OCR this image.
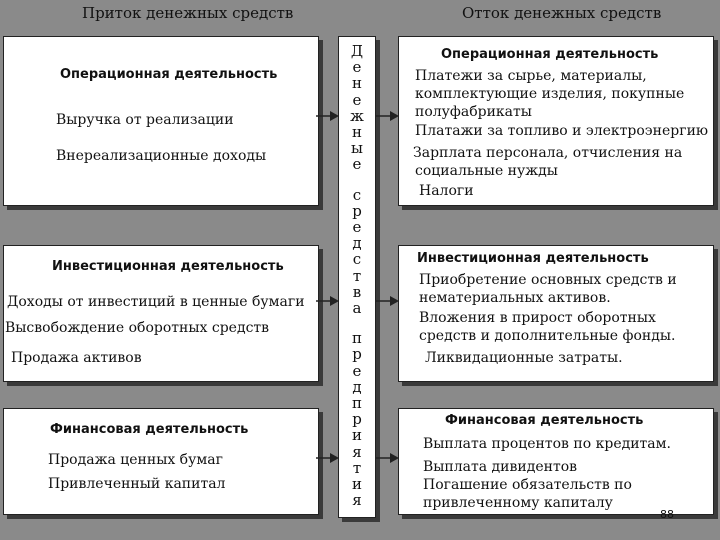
Приток денежных средств	Отток денежных средств
Операционная деятельность
Выручка от реализации
Внереализационные доходы
Инвестиционная деятельность
Доходы от инвестиций в ценные бумаги
Высвобождение оборотных средств
Продажа активов
Финансовая деятельность
Продажа ценных бумаг
Привлеченный капитал
Д
е
н
е
ж
н
ы
е
с
р
е
д
с
т
в
а
п
р
е
д
п
р
и
я
т
и
я
Операционная деятельность
Платежи за сырье, материалы,
комплектующие изделия, покупные
полуфабрикаты
Платажи за топливо и электроэнергию
Зарплата персонала, отчисления на
социальные нужды
Налоги
Инвестиционная деятельность
Приобретение основных средств и
нематериальных активов.
Вложения в прирост оборотных
средств и дополнительные фонды.
Ликвидационные затраты.
Финансовая деятельность
Выплата процентов по кредитам.
Выплата дивидентов
Погашение обязательств по
привлеченному капиталу
88
